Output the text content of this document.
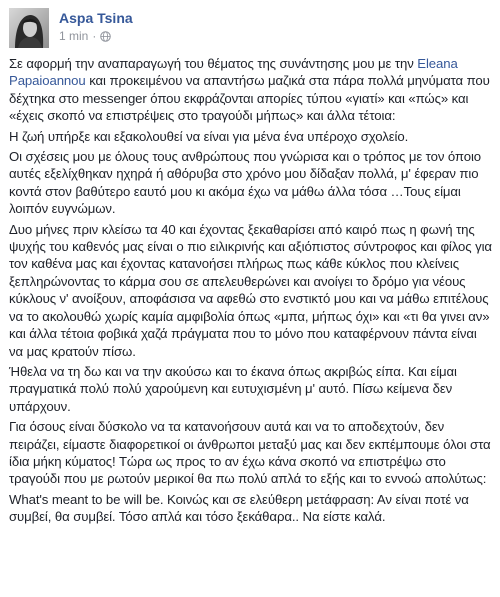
Aspa Tsina
1 min ·

Σε αφορμή την αναπαραγωγή του θέματος της συνάντησης μου με την Eleana Papaioannou και προκειμένου να απαντήσω μαζικά στα πάρα πολλά μηνύματα που δέχτηκα στο messenger όπου εκφράζονται απορίες τύπου «γιατί» και «πώς» και «έχεις σκοπό να επιστρέψεις στο τραγούδι μήπως» και άλλα τέτοια:

Η ζωή υπήρξε και εξακολουθεί να είναι για μένα ένα υπέροχο σχολείο.

Οι σχέσεις μου με όλους τους ανθρώπους που γνώρισα και ο τρόπος με τον όποιο αυτές εξελίχθηκαν ηχηρά ή αθόρυβα στο χρόνο μου δίδαξαν πολλά, μ' έφεραν πιο κοντά στον βαθύτερο εαυτό μου κι ακόμα έχω να μάθω άλλα τόσα …Τους είμαι λοιπόν ευγνώμων.

Δυο μήνες πριν κλείσω τα 40 και έχοντας ξεκαθαρίσει από καιρό πως η φωνή της ψυχής του καθενός μας είναι ο πιο ειλικρινής και αξιόπιστος σύντροφος και φίλος για τον καθένα μας και έχοντας κατανοήσει πλήρως πως κάθε κύκλος που κλείνεις ξεπληρώνοντας το κάρμα σου σε απελευθερώνει και ανοίγει το δρόμο για νέους κύκλους ν' ανοίξουν, αποφάσισα να αφεθώ στο ενστικτό μου και να μάθω επιτέλους να το ακολουθώ χωρίς καμία αμφιβολία όπως «μπα, μήπως όχι» και «τι θα γινει αν» και άλλα τέτοια φοβικά χαζά πράγματα που το μόνο που καταφέρνουν πάντα είναι να μας κρατούν πίσω.

Ήθελα να τη δω και να την ακούσω και το έκανα όπως ακριβώς είπα. Και είμαι πραγματικά πολύ πολύ χαρούμενη και ευτυχισμένη μ' αυτό. Πίσω κείμενα δεν υπάρχουν.

Για όσους είναι δύσκολο να τα κατανοήσουν αυτά και να το αποδεχτούν, δεν πειράζει, είμαστε διαφορετικοί οι άνθρωποι μεταξύ μας και δεν εκπέμπουμε όλοι στα ίδια μήκη κύματος! Τώρα ως προς το αν έχω κάνα σκοπό να επιστρέψω στο τραγούδι που με ρωτούν μερικοί θα πω πολύ απλά το εξής και το εννοώ απολύτως:

What's meant to be will be. Κοινώς και σε ελεύθερη μετάφραση: Αν είναι ποτέ να συμβεί, θα συμβεί. Τόσο απλά και τόσο ξεκάθαρα.. Να είστε καλά.
